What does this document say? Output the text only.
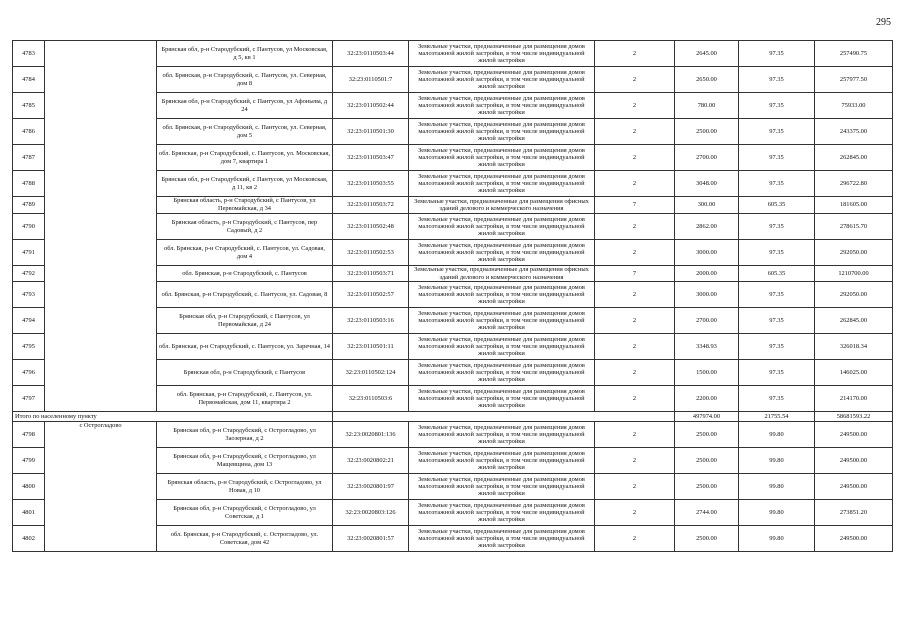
295
4783		Брянская обл, р-н Стародубский, с Пантусов, ул Московская, д 5, кв 1	32:23:0110503:44	Земельные участки, предназначенные для размещения домов малоэтажной жилой застройки, в том числе индивидуальной жилой застройки	2	2645.00	97.35	257490.75
4784		обл. Брянская, р-н Стародубский, с. Пантусов, ул. Северная, дом 8	32:23:0110501:7	Земельные участки, предназначенные для размещения домов малоэтажной жилой застройки, в том числе индивидуальной жилой застройки	2	2650.00	97.35	257977.50
4785		Брянская обл, р-н Стародубский, с Пантусов, ул Афоньева, д 24	32:23:0110502:44	Земельные участки, предназначенные для размещения домов малоэтажной жилой застройки, в том числе индивидуальной жилой застройки	2	780.00	97.35	75933.00
4786		обл. Брянская, р-н Стародубский, с. Пантусов, ул. Северная, дом 5	32:23:0110501:30	Земельные участки, предназначенные для размещения домов малоэтажной жилой застройки, в том числе индивидуальной жилой застройки	2	2500.00	97.35	243375.00
4787		обл. Брянская, р-н Стародубский, с. Пантусов, ул. Московская, дом 7, квартира 1	32:23:0110503:47	Земельные участки, предназначенные для размещения домов малоэтажной жилой застройки, в том числе индивидуальной жилой застройки	2	2700.00	97.35	262845.00
4788		Брянская обл, р-н Стародубский, с Пантусов, ул Московская, д 11, кв 2	32:23:0110503:55	Земельные участки, предназначенные для размещения домов малоэтажной жилой застройки, в том числе индивидуальной жилой застройки	2	3048.00	97.35	296722.80
4789		Брянская область, р-н Стародубский, с Пантусов, ул Первомайская, д 34	32:23:0110503:72	Земельные участки, предназначенные для размещения офисных зданий делового и коммерческого назначения	7	300.00	605.35	181605.00
4790		Брянская область, р-н Стародубский, с Пантусов, пер Садовый, д 2	32:23:0110502:48	Земельные участки, предназначенные для размещения домов малоэтажной жилой застройки, в том числе индивидуальной жилой застройки	2	2862.00	97.35	278615.70
4791		обл. Брянская, р-н Стародубский, с. Пантусов, ул. Садовая, дом 4	32:23:0110502:53	Земельные участки, предназначенные для размещения домов малоэтажной жилой застройки, в том числе индивидуальной жилой застройки	2	3000.00	97.35	292050.00
4792		обл. Брянская, р-н Стародубский, с. Пантусов	32:23:0110503:71	Земельные участки, предназначенные для размещения офисных зданий делового и коммерческого назначения	7	2000.00	605.35	1210700.00
4793		обл. Брянская, р-н Стародубский, с. Пантусов, ул. Садовая, 8	32:23:0110502:57	Земельные участки, предназначенные для размещения домов малоэтажной жилой застройки, в том числе индивидуальной жилой застройки	2	3000.00	97.35	292050.00
4794		Брянская обл, р-н Стародубский, с Пантусов, ул Первомайская, д 24	32:23:0110503:16	Земельные участки, предназначенные для размещения домов малоэтажной жилой застройки, в том числе индивидуальной жилой застройки	2	2700.00	97.35	262845.00
4795		обл. Брянская, р-н Стародубский, с. Пантусов, ул. Заречная, 14	32:23:0110501:11	Земельные участки, предназначенные для размещения домов малоэтажной жилой застройки, в том числе индивидуальной жилой застройки	2	3348.93	97.35	326018.34
4796		Брянская обл, р-н Стародубский, с Пантусов	32:23:0110502:124	Земельные участки, предназначенные для размещения домов малоэтажной жилой застройки, в том числе индивидуальной жилой застройки	2	1500.00	97.35	146025.00
4797		обл. Брянская, р-н Стародубский, с. Пантусов, ул. Первомайская, дом 11, квартира 2	32:23:0110503:6	Земельные участки, предназначенные для размещения домов малоэтажной жилой застройки, в том числе индивидуальной жилой застройки	2	2200.00	97.35	214170.00
Итого по населенному пункту						497974.00	21755.54	58681593.22
4798	с Острогладово	Брянская обл, р-н Стародубский, с Острогладово, ул Заозерная, д 2	32:23:0020801:136	Земельные участки, предназначенные для размещения домов малоэтажной жилой застройки, в том числе индивидуальной жилой застройки	2	2500.00	99.80	249500.00
4799		Брянская обл, р-н Стародубский, с Острогладово, ул Мащевщина, дом 13	32:23:0020802:21	Земельные участки, предназначенные для размещения домов малоэтажной жилой застройки, в том числе индивидуальной жилой застройки	2	2500.00	99.80	249500.00
4800		Брянская область, р-н Стародубский, с Острогладово, ул Новая, д 10	32:23:0020801:97	Земельные участки, предназначенные для размещения домов малоэтажной жилой застройки, в том числе индивидуальной жилой застройки	2	2500.00	99.80	249500.00
4801		Брянская обл, р-н Стародубский, с Острогладово, ул Советская, д 1	32:23:0020803:126	Земельные участки, предназначенные для размещения домов малоэтажной жилой застройки, в том числе индивидуальной жилой застройки	2	2744.00	99.80	273851.20
4802		обл. Брянская, р-н Стародубский, с. Острогладово, ул. Советская, дом 42	32:23:0020801:57	Земельные участки, предназначенные для размещения домов малоэтажной жилой застройки, в том числе индивидуальной жилой застройки	2	2500.00	99.80	249500.00
